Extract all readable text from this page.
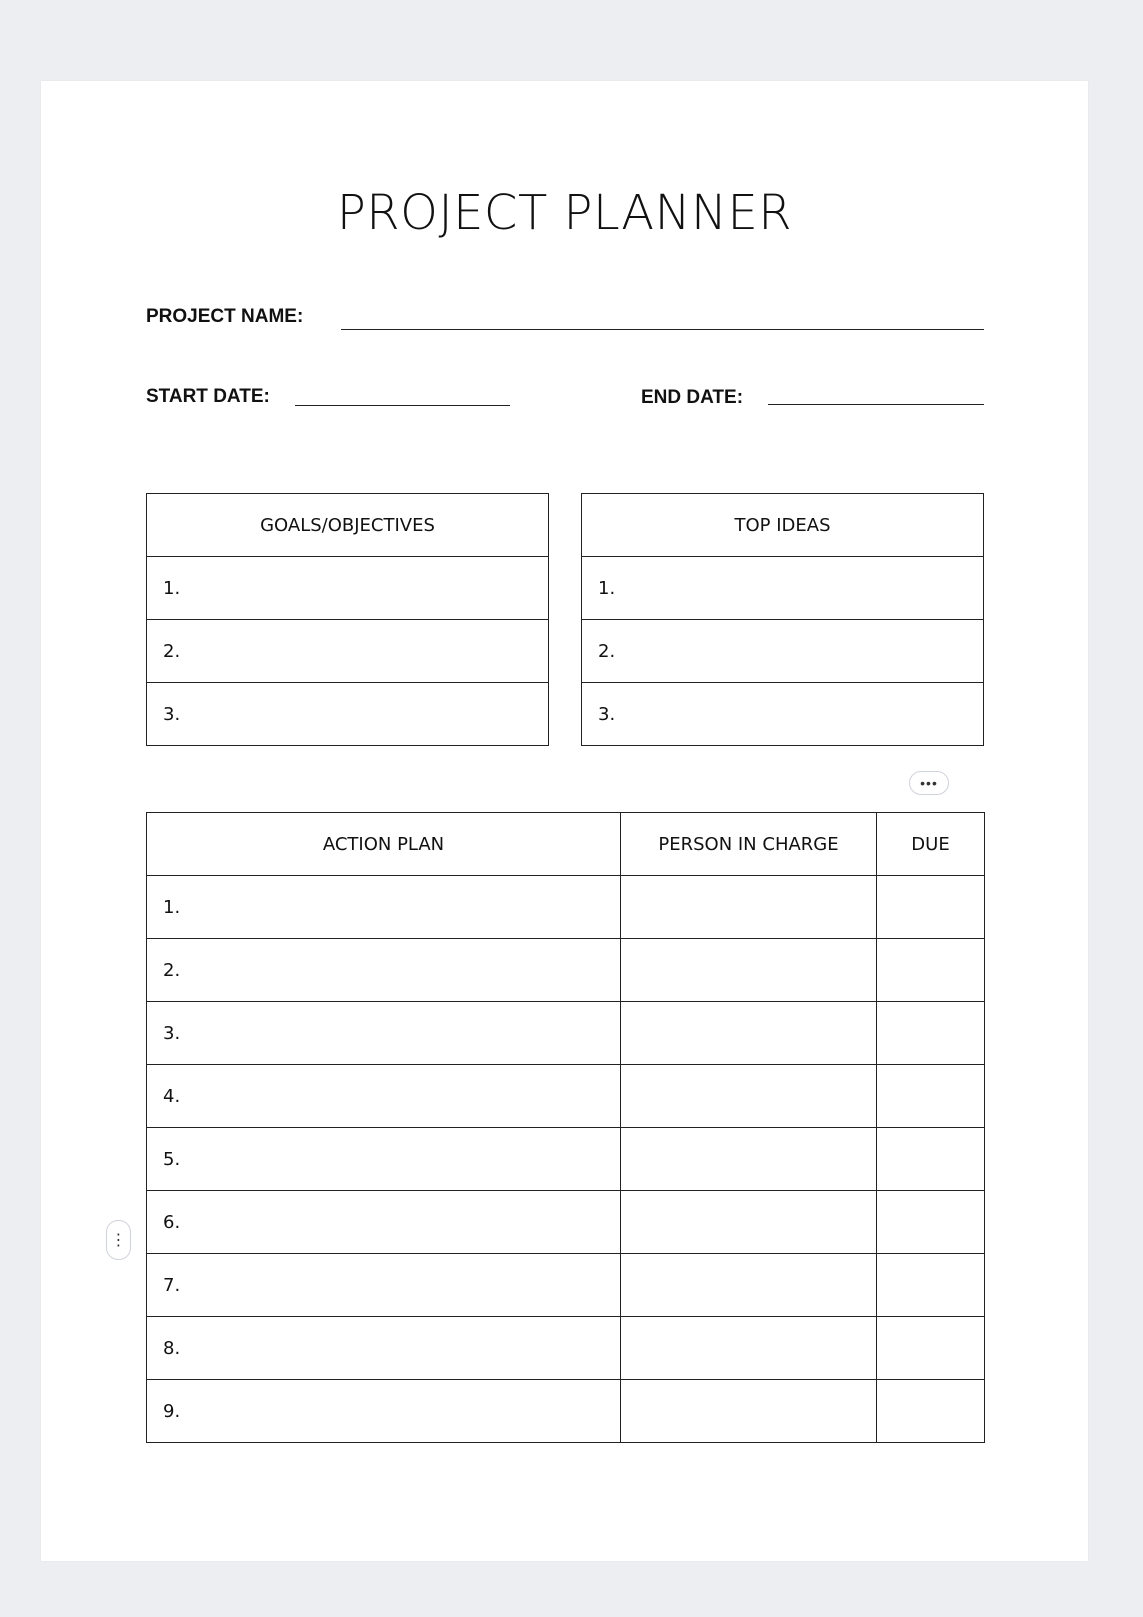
PROJECT PLANNER
PROJECT NAME:
START DATE:	END DATE:
GOALS/OBJECTIVES
1.
2.
3.
TOP IDEAS
1.
2.
3.
ACTION PLAN	PERSON IN CHARGE	DUE
1.		
2.		
3.		
4.		
5.		
6.		
7.		
8.		
9.		
•••
⋮
